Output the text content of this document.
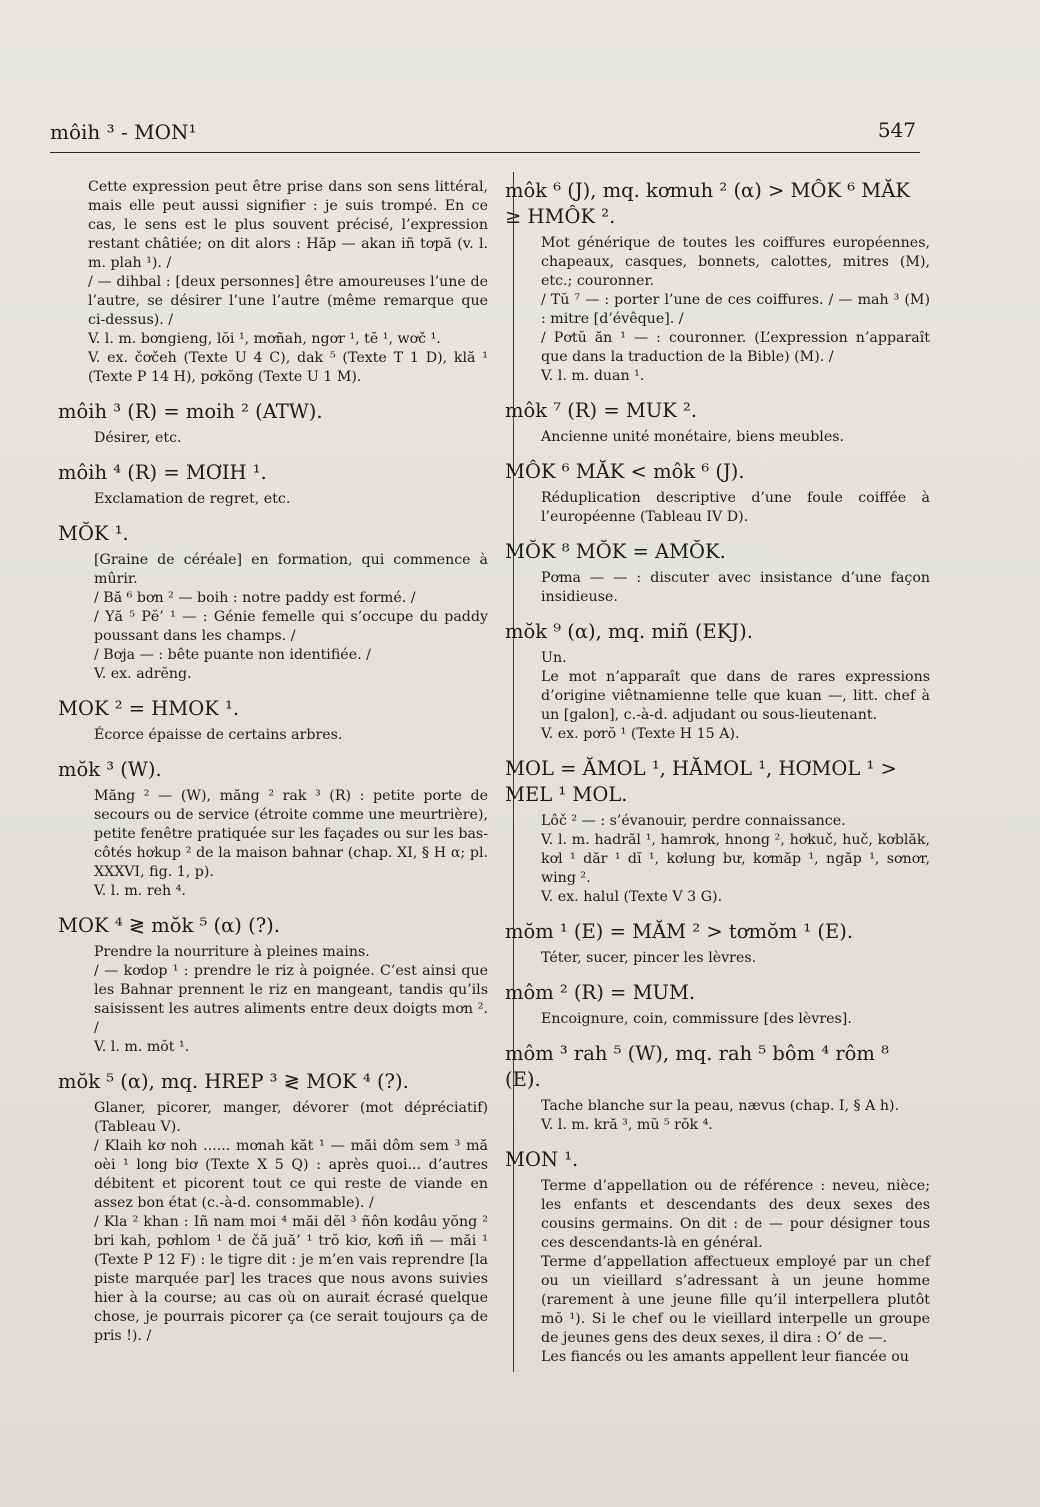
môih ³ - MON¹	547

Cette expression peut être prise dans son sens littéral, mais elle peut aussi signifier : je suis trompé. En ce cas, le sens est le plus souvent précisé, l’expression restant châtiée; on dit alors : Hăp — akan iñ tơpă (v. l. m. plah ¹). /

/ — dihbal : [deux personnes] être amoureuses l’une de l’autre, se désirer l’une l’autre (même remarque que ci-dessus). /

V. l. m. bơngieng, lŏi ¹, mơñah, ngơr ¹, tĕ ¹, wơč ¹.

V. ex. čơčeh (Texte U 4 C), dak ⁵ (Texte T 1 D), klă ¹ (Texte P 14 H), pơkŏng (Texte U 1 M).

môih ³ (R) = moih ² (ATW).

Désirer, etc.

môih ⁴ (R) = MƠIH ¹.

Exclamation de regret, etc.

MŎK ¹.

[Graine de céréale] en formation, qui commence à mûrir.

/ Bă ⁶ bơn ² — boih : notre paddy est formé. /

/ Yă ⁵ Pĕ’ ¹ — : Génie femelle qui s’occupe du paddy poussant dans les champs. /

/ Bơja — : bête puante non identifiée. /

V. ex. adrĕng.

MOK ² = HMOK ¹.

Écorce épaisse de certains arbres.

mŏk ³ (W).

Măng ² — (W), măng ² rak ³ (R) : petite porte de secours ou de service (étroite comme une meurtrière), petite fenêtre pratiquée sur les façades ou sur les bas-côtés hơkup ² de la maison bahnar (chap. XI, § H α; pl. XXXVI, fig. 1, p).

V. l. m. reh ⁴.

MOK ⁴ ≷ mŏk ⁵ (α) (?).

Prendre la nourriture à pleines mains.

/ — kơdop ¹ : prendre le riz à poignée. C’est ainsi que les Bahnar prennent le riz en mangeant, tandis qu’ils saisissent les autres aliments entre deux doigts mơn ². /

V. l. m. mŏt ¹.

mŏk ⁵ (α), mq. HREP ³ ≷ MOK ⁴ (?).

Glaner, picorer, manger, dévorer (mot dépréciatif) (Tableau V).

/ Klaih kơ noh ...... mơnah kăt ¹ — măi dôm sem ³ mă oèi ¹ long biơ (Texte X 5 Q) : après quoi... d’autres débitent et picorent tout ce qui reste de viande en assez bon état (c.-à-d. consommable). /

/ Kla ² khan : Iñ nam moi ⁴ măi dĕl ³ ñôn kơdâu yŏng ² bri kah, pơhlom ¹ de čă juă’ ¹ trŏ kiơ, kơñ iñ — măi ¹ (Texte P 12 F) : le tigre dit : je m’en vais reprendre [la piste marquée par] les traces que nous avons suivies hier à la course; au cas où on aurait écrasé quelque chose, je pourrais picorer ça (ce serait toujours ça de pris !). /

môk ⁶ (J), mq. kơmuh ² (α) > MÔK ⁶ MĂK ≥ HMÔK ².

Mot générique de toutes les coiffures européennes, chapeaux, casques, bonnets, calottes, mitres (M), etc.; couronner.

/ Tŭ ⁷ — : porter l’une de ces coiffures. / — mah ³ (M) : mitre [d’évêque]. /

/ Pơtŭ ăn ¹ — : couronner. (L’expression n’apparaît que dans la traduction de la Bible) (M). /

V. l. m. duan ¹.

môk ⁷ (R) = MUK ².

Ancienne unité monétaire, biens meubles.

MÔK ⁶ MĂK < môk ⁶ (J).

Réduplication descriptive d’une foule coiffée à l’européenne (Tableau IV D).

MŎK ⁸ MŎK = AMŎK.

Pơma — — : discuter avec insistance d’une façon insidieuse.

mŏk ⁹ (α), mq. miñ (EKJ).

Un.

Le mot n’apparaît que dans de rares expressions d’origine viêtnamienne telle que kuan —, litt. chef à un [galon], c.-à-d. adjudant ou sous-lieutenant.

V. ex. pơrŏ ¹ (Texte H 15 A).

MOL = ĂMOL ¹, HĂMOL ¹, HƠMOL ¹ > MEL ¹ MOL.

Lôč ² — : s’évanouir, perdre connaissance.

V. l. m. hadrăl ¹, hamrơk, hnong ², hơkuč, huč, kơblăk, kơl ¹ dăr ¹ dĭ ¹, kơlung bư, kơmăp ¹, ngăp ¹, sơnơr, wing ².

V. ex. halul (Texte V 3 G).

mŏm ¹ (E) = MĂM ² > tơmŏm ¹ (E).

Téter, sucer, pincer les lèvres.

môm ² (R) = MUM.

Encoignure, coin, commissure [des lèvres].

môm ³ rah ⁵ (W), mq. rah ⁵ bôm ⁴ rôm ⁸ (E).

Tache blanche sur la peau, nævus (chap. I, § A h).

V. l. m. kră ³, mŭ ⁵ rŏk ⁴.

MON ¹.

Terme d’appellation ou de référence : neveu, nièce; les enfants et descendants des deux sexes des cousins germains. On dit : de — pour désigner tous ces descendants-là en général.

Terme d’appellation affectueux employé par un chef ou un vieillard s’adressant à un jeune homme (rarement à une jeune fille qu’il interpellera plutôt mŏ ¹). Si le chef ou le vieillard interpelle un groupe de jeunes gens des deux sexes, il dira : O’ de —.

Les fiancés ou les amants appellent leur fiancée ou
